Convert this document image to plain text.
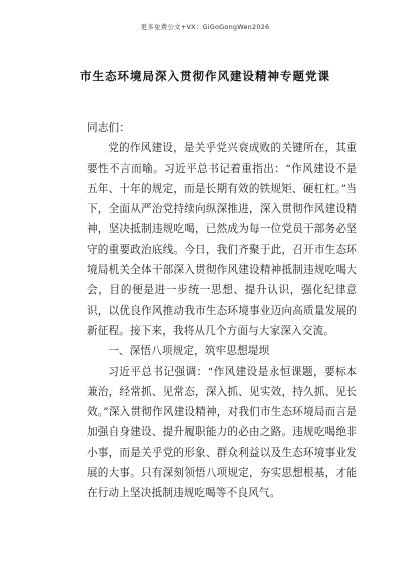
更多免费公文+VX：GiGoGongWen2026
市生态环境局深入贯彻作风建设精神专题党课

同志们：

党的作风建设，是关乎党兴衰成败的关键所在，其重要性不言而喻。习近平总书记着重指出：“作风建设不是五年、十年的规定，而是长期有效的铁规矩、硬杠杠。”当下，全面从严治党持续向纵深推进，深入贯彻作风建设精神，坚决抵制违规吃喝，已然成为每一位党员干部务必坚守的重要政治底线。今日，我们齐聚于此，召开市生态环境局机关全体干部深入贯彻作风建设精神抵制违规吃喝大会，目的便是进一步统一思想、提升认识，强化纪律意识，以优良作风推动我市生态环境事业迈向高质量发展的新征程。接下来，我将从几个方面与大家深入交流。

一、深悟八项规定，筑牢思想堤坝

习近平总书记强调：“作风建设是永恒课题，要标本兼治，经常抓、见常态，深入抓、见实效，持久抓、见长效。”深入贯彻作风建设精神，对我们市生态环境局而言是加强自身建设、提升履职能力的必由之路。违规吃喝绝非小事，而是关乎党的形象、群众利益以及生态环境事业发展的大事。只有深刻领悟八项规定，夯实思想根基，才能在行动上坚决抵制违规吃喝等不良风气。
